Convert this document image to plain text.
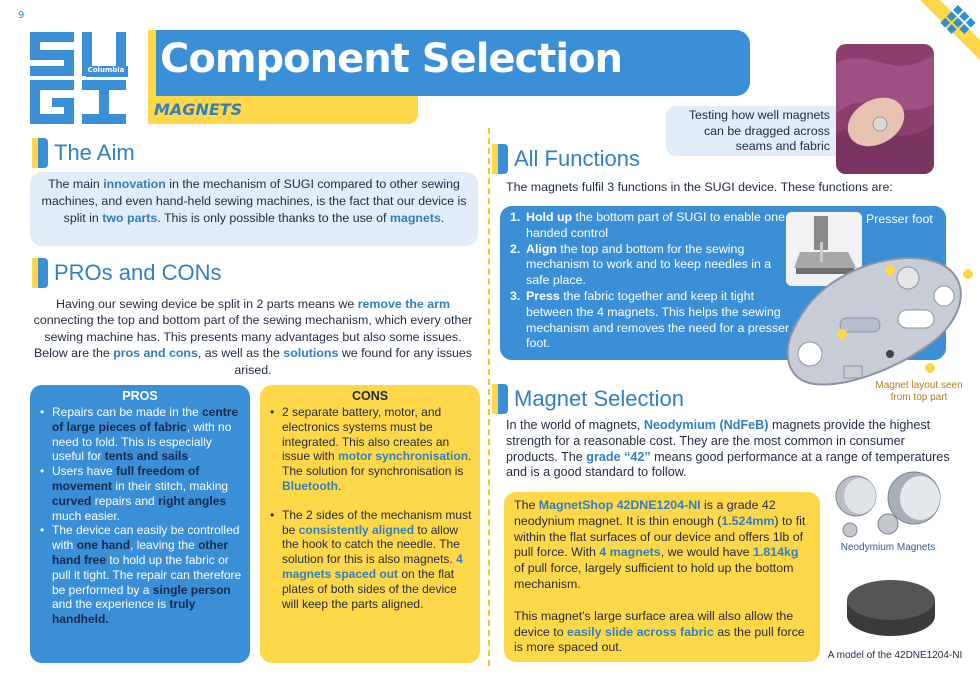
9
Columbia Component Selection
MAGNETS
The Aim
The main innovation in the mechanism of SUGI compared to other sewing machines, and even hand-held sewing machines, is the fact that our device is split in two parts. This is only possible thanks to the use of magnets.
PROs and CONs
Having our sewing device be split in 2 parts means we remove the arm connecting the top and bottom part of the sewing mechanism, which every other sewing machine has. This presents many advantages but also some issues. Below are the pros and cons, as well as the solutions we found for any issues arised.
PROS
• Repairs can be made in the centre of large pieces of fabric, with no need to fold. This is especially useful for tents and sails.
• Users have full freedom of movement in their stitch, making curved repairs and right angles much easier.
• The device can easily be controlled with one hand, leaving the other hand free to hold up the fabric or pull it tight. The repair can therefore be performed by a single person and the experience is truly handheld.
CONS
• 2 separate battery, motor, and electronics systems must be integrated. This also creates an issue with motor synchronisation. The solution for synchronisation is Bluetooth.
• The 2 sides of the mechanism must be consistently aligned to allow the hook to catch the needle. The solution for this is also magnets. 4 magnets spaced out on the flat plates of both sides of the device will keep the parts aligned.
Testing how well magnets can be dragged across seams and fabric
All Functions
The magnets fulfil 3 functions in the SUGI device. These functions are:
1. Hold up the bottom part of SUGI to enable one handed control
2. Align the top and bottom for the sewing mechanism to work and to keep needles in a safe place.
3. Press the fabric together and keep it tight between the 4 magnets. This helps the sewing mechanism and removes the need for a presser foot.
Presser foot
Magnet layout seen from top part
Magnet Selection
In the world of magnets, Neodymium (NdFeB) magnets provide the highest strength for a reasonable cost. They are the most common in consumer products. The grade “42” means good performance at a range of temperatures and is a good standard to follow.

The MagnetShop 42DNE1204-NI is a grade 42 neodynium magnet. It is thin enough (1.524mm) to fit within the flat surfaces of our device and offers 1lb of pull force. With 4 magnets, we would have 1.814kg of pull force, largely sufficient to hold up the bottom mechanism.

This magnet's large surface area will also allow the device to easily slide across fabric as the pull force is more spaced out.

Neodymium Magnets
A model of the 42DNE1204-NI
